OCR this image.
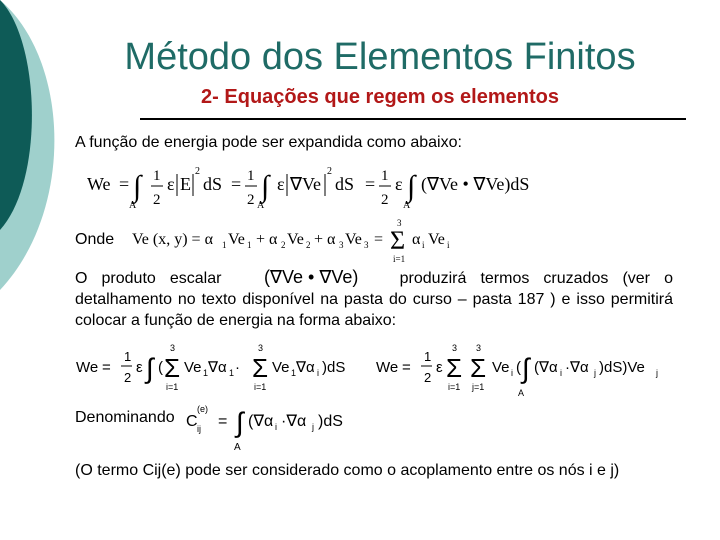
Método dos Elementos Finitos
2- Equações que regem os elementos
A função de energia pode ser expandida como abaixo:
We = ∫
A
1
2
ε E
2
dS = 1
2 ∫
A
ε ∇Ve
2
dS = 1
2
ε ∫
A
(∇Ve • ∇Ve)dS
Onde Ve (x, y) = α 1 Ve 1 + α 2 Ve 2 + α 3 Ve 3 = Σ
3
i=1
α i Ve i
O produto escalar (∇Ve • ∇Ve)	produzirá termos cruzados (ver o detalhamento no texto disponível na pasta do curso – pasta 187 ) e isso permitirá colocar a função de energia na forma abaixo:
We =
1
2
ε ∫ ( Σ
3
i=1
Ve 1 ∇α 1 · Σ
3
i=1
Ve 1 ∇α i )dS We =
1
2
ε Σ
3
i=1
Σ
3
j=1
Ve i ( ∫
A
(∇α i ·∇α j )dS)Ve j
Denominando C
(e)
ij = ∫
A
(∇α i ·∇α j )dS
(O termo Cij(e) pode ser considerado como o acoplamento entre os nós i e j)
